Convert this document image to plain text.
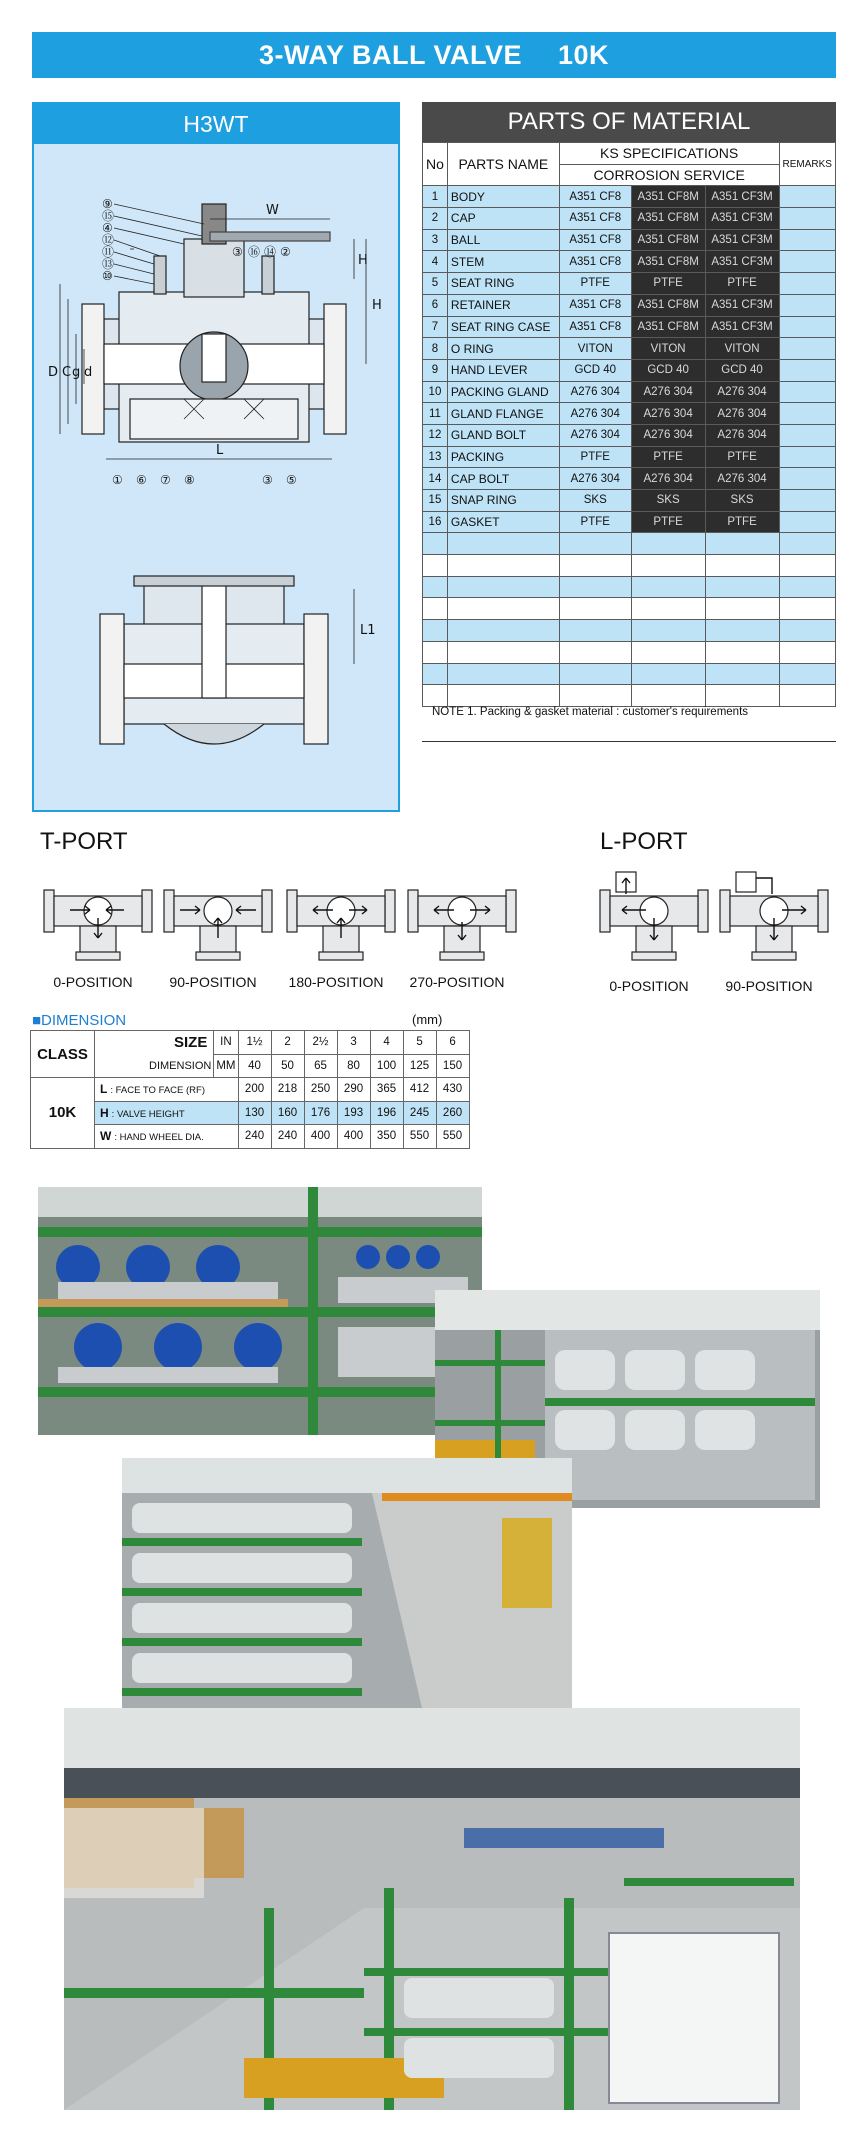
3-WAY BALL VALVE 10K
H3WT
⑨
⑮
④
⑫
⑪
⑬
⑩
③ ⑯ ⑭ ②
① ⑥ ⑦ ⑧	③ ⑤
W
H
H
D C g d
L
L1
PARTS OF MATERIAL
No	PARTS NAME	KS SPECIFICATIONS			REMARKS
		CORROSION SERVICE			
1	BODY	A351 CF8	A351 CF8M	A351 CF3M	
2	CAP	A351 CF8	A351 CF8M	A351 CF3M	
3	BALL	A351 CF8	A351 CF8M	A351 CF3M	
4	STEM	A351 CF8	A351 CF8M	A351 CF3M	
5	SEAT RING	PTFE	PTFE	PTFE	
6	RETAINER	A351 CF8	A351 CF8M	A351 CF3M	
7	SEAT RING CASE	A351 CF8	A351 CF8M	A351 CF3M	
8	O RING	VITON	VITON	VITON	
9	HAND LEVER	GCD 40	GCD 40	GCD 40	
10	PACKING GLAND	A276 304	A276 304	A276 304	
11	GLAND FLANGE	A276 304	A276 304	A276 304	
12	GLAND BOLT	A276 304	A276 304	A276 304	
13	PACKING	PTFE	PTFE	PTFE	
14	CAP BOLT	A276 304	A276 304	A276 304	
15	SNAP RING	SKS	SKS	SKS	
16	GASKET	PTFE	PTFE	PTFE	

NOTE 1. Packing & gasket material : customer's requirements
T-PORT	L-PORT
■DIMENSION	(mm)
CLASS	SIZE	IN	1½	2	2½	3	4	5	6
	DIMENSION	MM	40	50	65	80	100	125	150
10K	L : FACE TO FACE (RF)		200	218	250	290	365	412	430
	H : VALVE HEIGHT		130	160	176	193	196	245	260
	W : HAND WHEEL DIA.		240	240	400	400	350	550	550
0-POSITION	90-POSITION	180-POSITION	270-POSITION	0-POSITION	90-POSITION
